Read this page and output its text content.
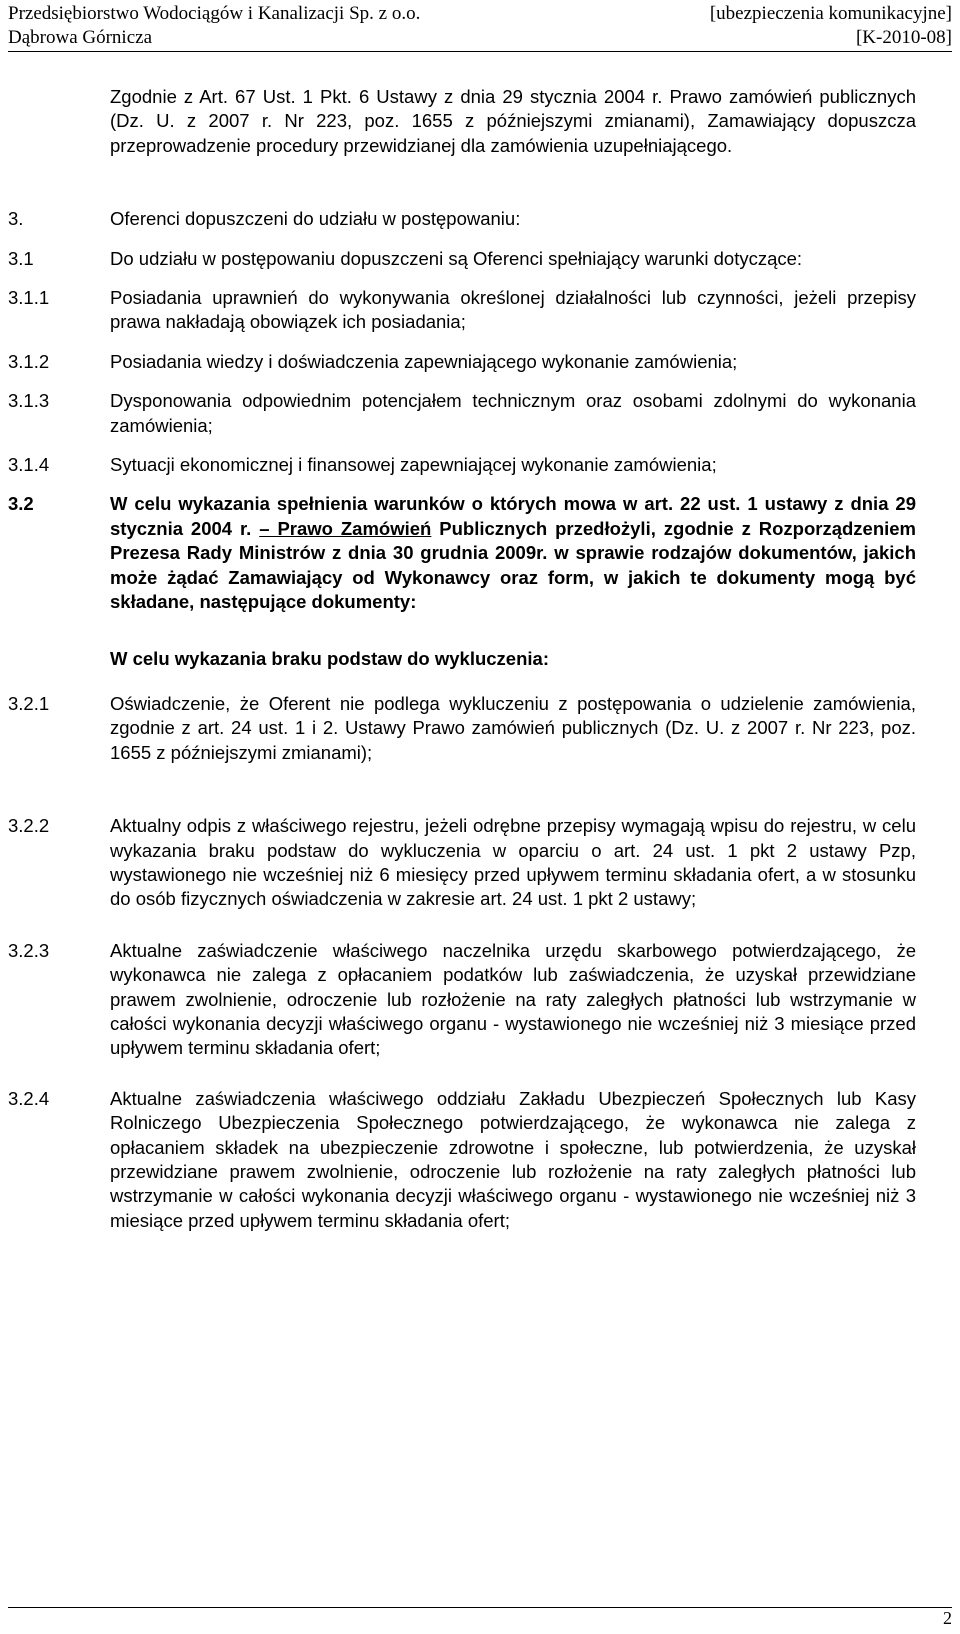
Przedsiębiorstwo Wodociągów i Kanalizacji Sp. z o.o.	[ubezpieczenia komunikacyjne]
Dąbrowa Górnicza	[K-2010-08]

Zgodnie z Art. 67 Ust. 1 Pkt. 6 Ustawy z dnia 29 stycznia 2004 r. Prawo zamówień publicznych (Dz. U. z 2007 r. Nr 223, poz. 1655 z późniejszymi zmianami), Zamawiający dopuszcza przeprowadzenie procedury przewidzianej dla zamówienia uzupełniającego.

3.	Oferenci dopuszczeni do udziału w postępowaniu:
3.1	Do udziału w postępowaniu dopuszczeni są Oferenci spełniający warunki dotyczące:
3.1.1	Posiadania uprawnień do wykonywania określonej działalności lub czynności, jeżeli przepisy prawa nakładają obowiązek ich posiadania;
3.1.2	Posiadania wiedzy i doświadczenia zapewniającego wykonanie zamówienia;
3.1.3	Dysponowania odpowiednim potencjałem technicznym oraz osobami zdolnymi do wykonania zamówienia;
3.1.4	Sytuacji ekonomicznej i finansowej zapewniającej wykonanie zamówienia;
3.2	W celu wykazania spełnienia warunków o których mowa w art. 22 ust. 1 ustawy z dnia 29 stycznia 2004 r. – Prawo Zamówień Publicznych przedłożyli, zgodnie z Rozporządzeniem Prezesa Rady Ministrów z dnia 30 grudnia 2009r. w sprawie rodzajów dokumentów, jakich może żądać Zamawiający od Wykonawcy oraz form, w jakich te dokumenty mogą być składane, następujące dokumenty:
W celu wykazania braku podstaw do wykluczenia:
3.2.1	Oświadczenie, że Oferent nie podlega wykluczeniu z postępowania o udzielenie zamówienia, zgodnie z art. 24 ust. 1 i 2. Ustawy Prawo zamówień publicznych (Dz. U. z 2007 r. Nr 223, poz. 1655 z późniejszymi zmianami);
3.2.2	Aktualny odpis z właściwego rejestru, jeżeli odrębne przepisy wymagają wpisu do rejestru, w celu wykazania braku podstaw do wykluczenia w oparciu o art. 24 ust. 1 pkt 2 ustawy Pzp, wystawionego nie wcześniej niż 6 miesięcy przed upływem terminu składania ofert, a w stosunku do osób fizycznych oświadczenia w zakresie art. 24 ust. 1 pkt 2 ustawy;
3.2.3	Aktualne zaświadczenie właściwego naczelnika urzędu skarbowego potwierdzającego, że wykonawca nie zalega z opłacaniem podatków lub zaświadczenia, że uzyskał przewidziane prawem zwolnienie, odroczenie lub rozłożenie na raty zaległych płatności lub wstrzymanie w całości wykonania decyzji właściwego organu - wystawionego nie wcześniej niż 3 miesiące przed upływem terminu składania ofert;
3.2.4	Aktualne zaświadczenia właściwego oddziału Zakładu Ubezpieczeń Społecznych lub Kasy Rolniczego Ubezpieczenia Społecznego potwierdzającego, że wykonawca nie zalega z opłacaniem składek na ubezpieczenie zdrowotne i społeczne, lub potwierdzenia, że uzyskał przewidziane prawem zwolnienie, odroczenie lub rozłożenie na raty zaległych płatności lub wstrzymanie w całości wykonania decyzji właściwego organu - wystawionego nie wcześniej niż 3 miesiące przed upływem terminu składania ofert;
2
